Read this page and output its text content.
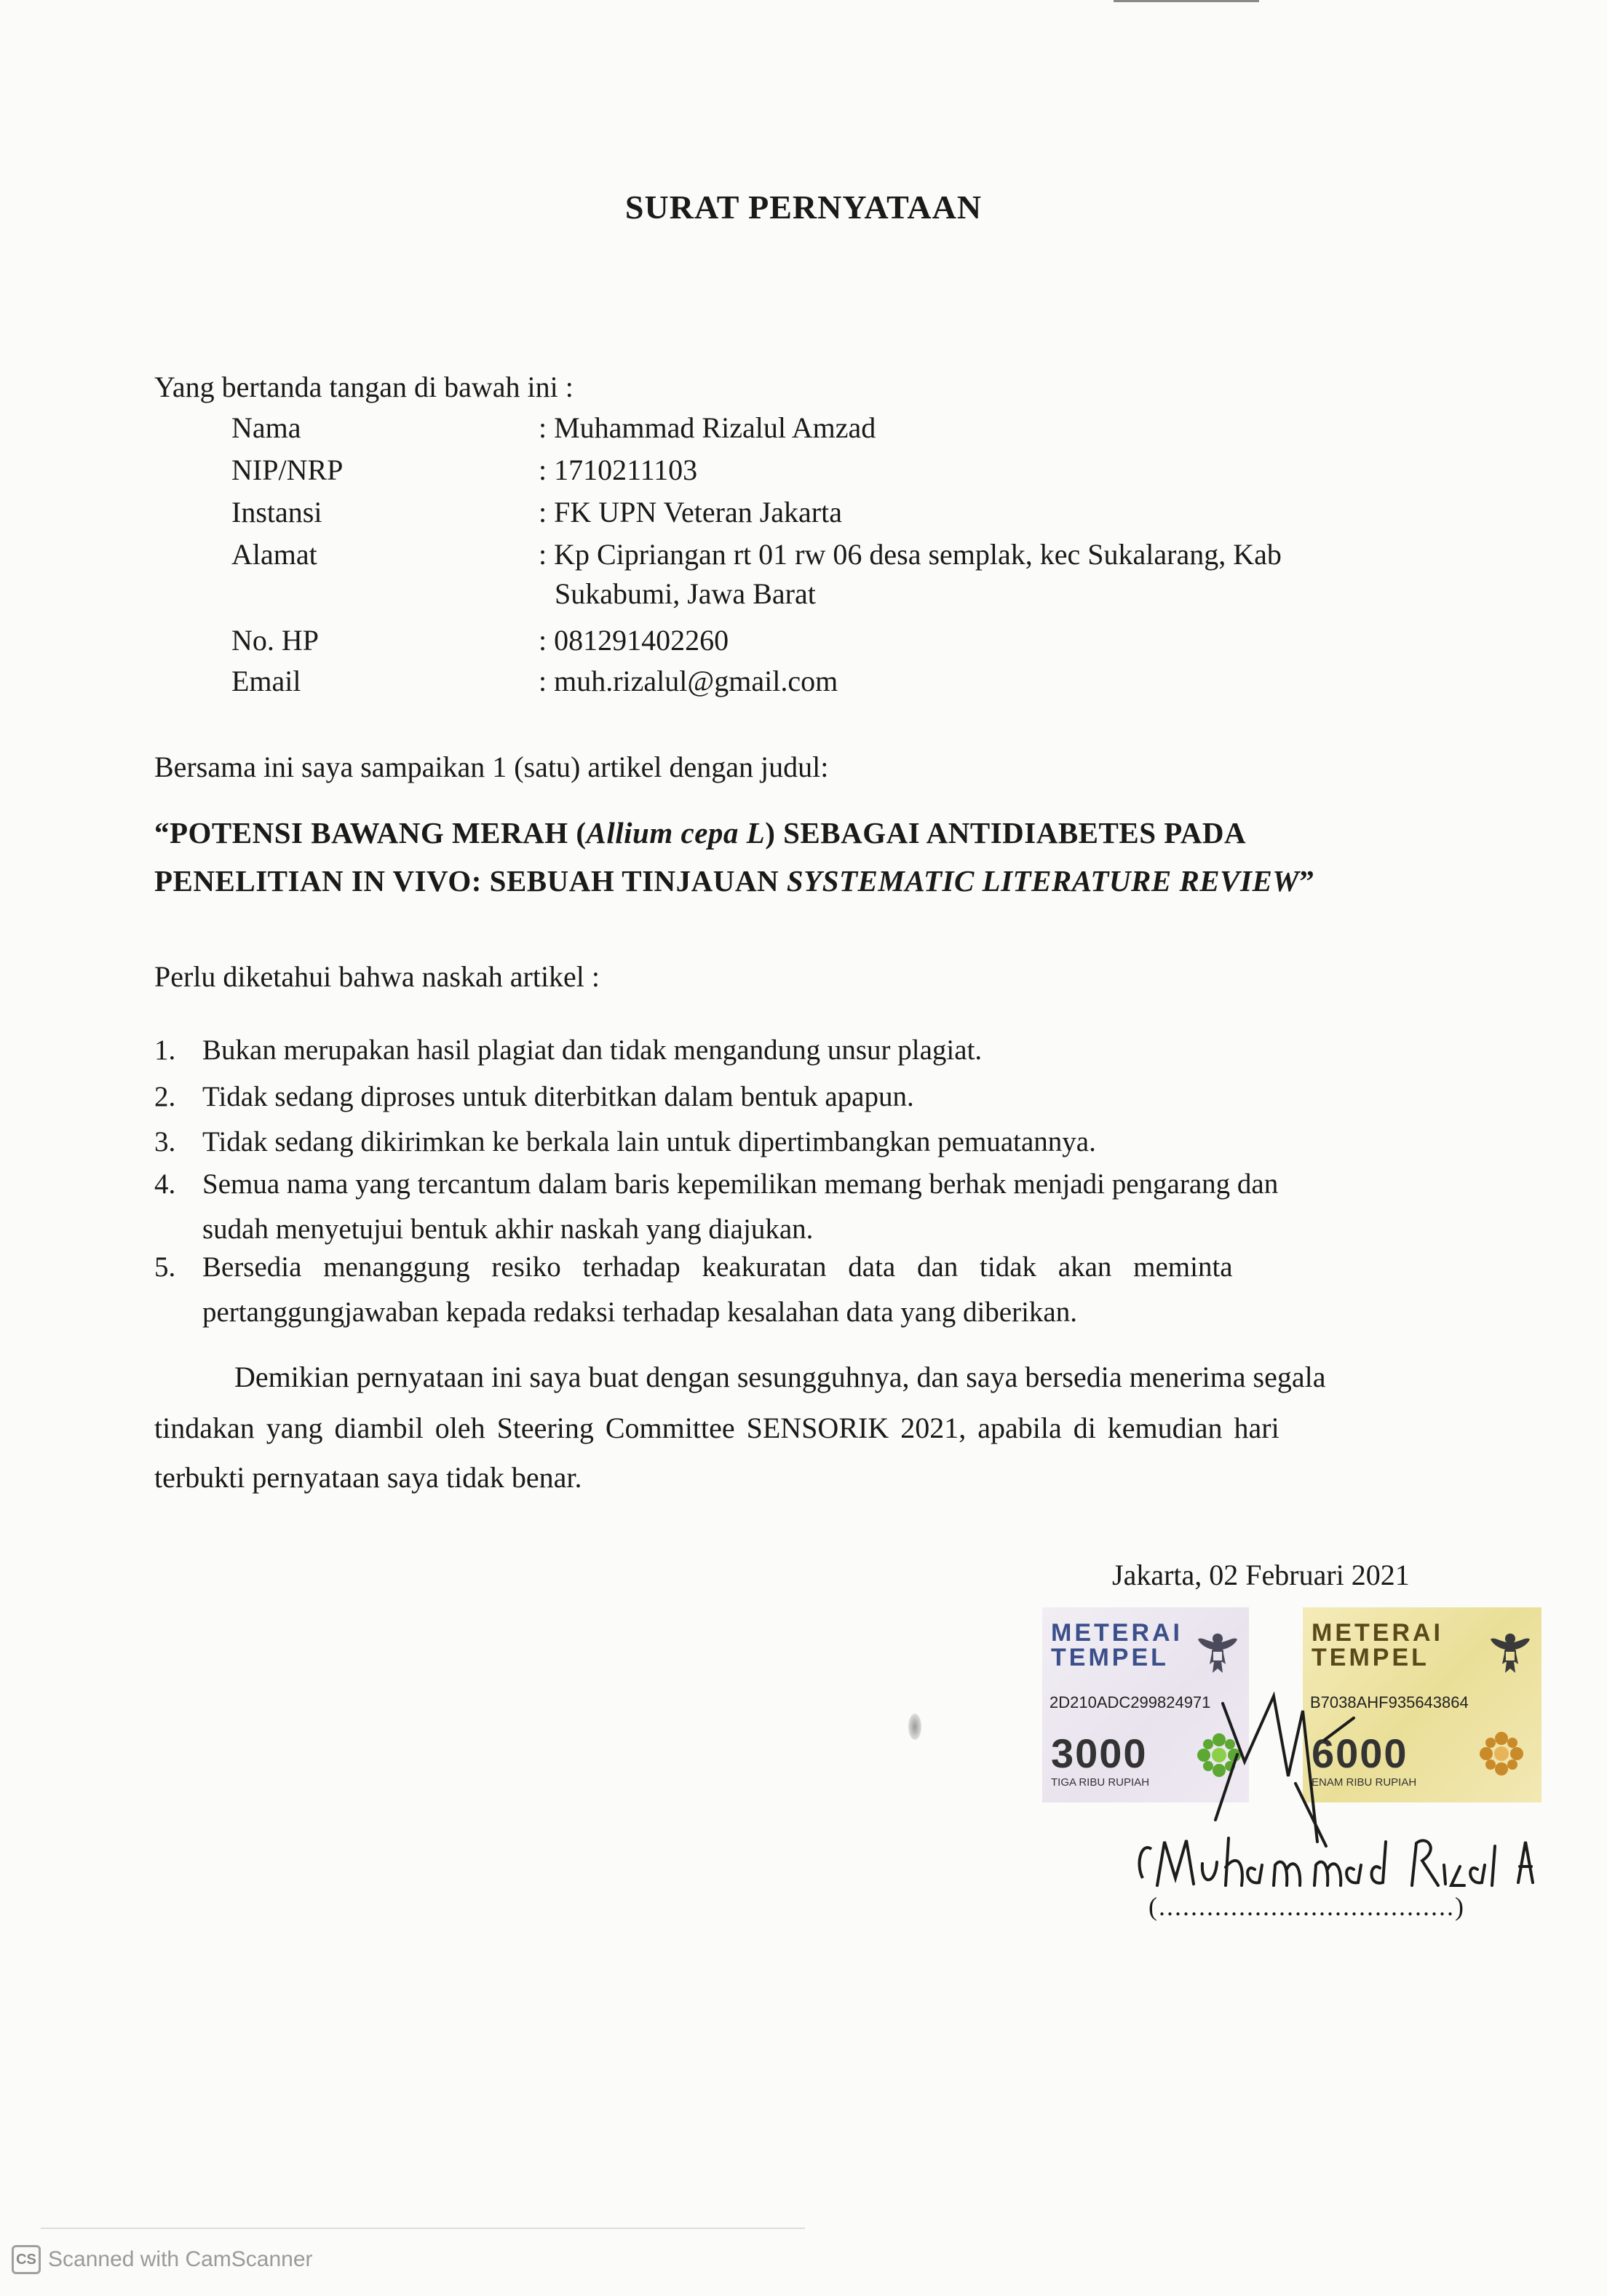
SURAT PERNYATAAN
Yang bertanda tangan di bawah ini :
Nama	: Muhammad Rizalul Amzad
NIP/NRP	: 1710211103
Instansi	: FK UPN Veteran Jakarta
Alamat	: Kp Cipriangan rt 01 rw 06 desa semplak, kec Sukalarang, Kab
Sukabumi, Jawa Barat
No. HP	: 081291402260
Email	: muh.rizalul@gmail.com
Bersama ini saya sampaikan 1 (satu) artikel dengan judul:
“POTENSI BAWANG MERAH (Allium cepa L) SEBAGAI ANTIDIABETES PADA
PENELITIAN IN VIVO: SEBUAH TINJAUAN SYSTEMATIC LITERATURE REVIEW”
Perlu diketahui bahwa naskah artikel :
1. Bukan merupakan hasil plagiat dan tidak mengandung unsur plagiat.
2. Tidak sedang diproses untuk diterbitkan dalam bentuk apapun.
3. Tidak sedang dikirimkan ke berkala lain untuk dipertimbangkan pemuatannya.
4. Semua nama yang tercantum dalam baris kepemilikan memang berhak menjadi pengarang dan
sudah menyetujui bentuk akhir naskah yang diajukan.
5. Bersedia menanggung resiko terhadap keakuratan data dan tidak akan meminta
pertanggungjawaban kepada redaksi terhadap kesalahan data yang diberikan.
Demikian pernyataan ini saya buat dengan sesungguhnya, dan saya bersedia menerima segala
tindakan yang diambil oleh Steering Committee SENSORIK 2021, apabila di kemudian hari
terbukti pernyataan saya tidak benar.
Jakarta, 02 Februari 2021
METERAI
TEMPEL
2D210ADC299824971
3000
TIGA RIBU RUPIAH
METERAI
TEMPEL
B7038AHF935643864
6000
ENAM RIBU RUPIAH
(.....................................)
CS Scanned with CamScanner
